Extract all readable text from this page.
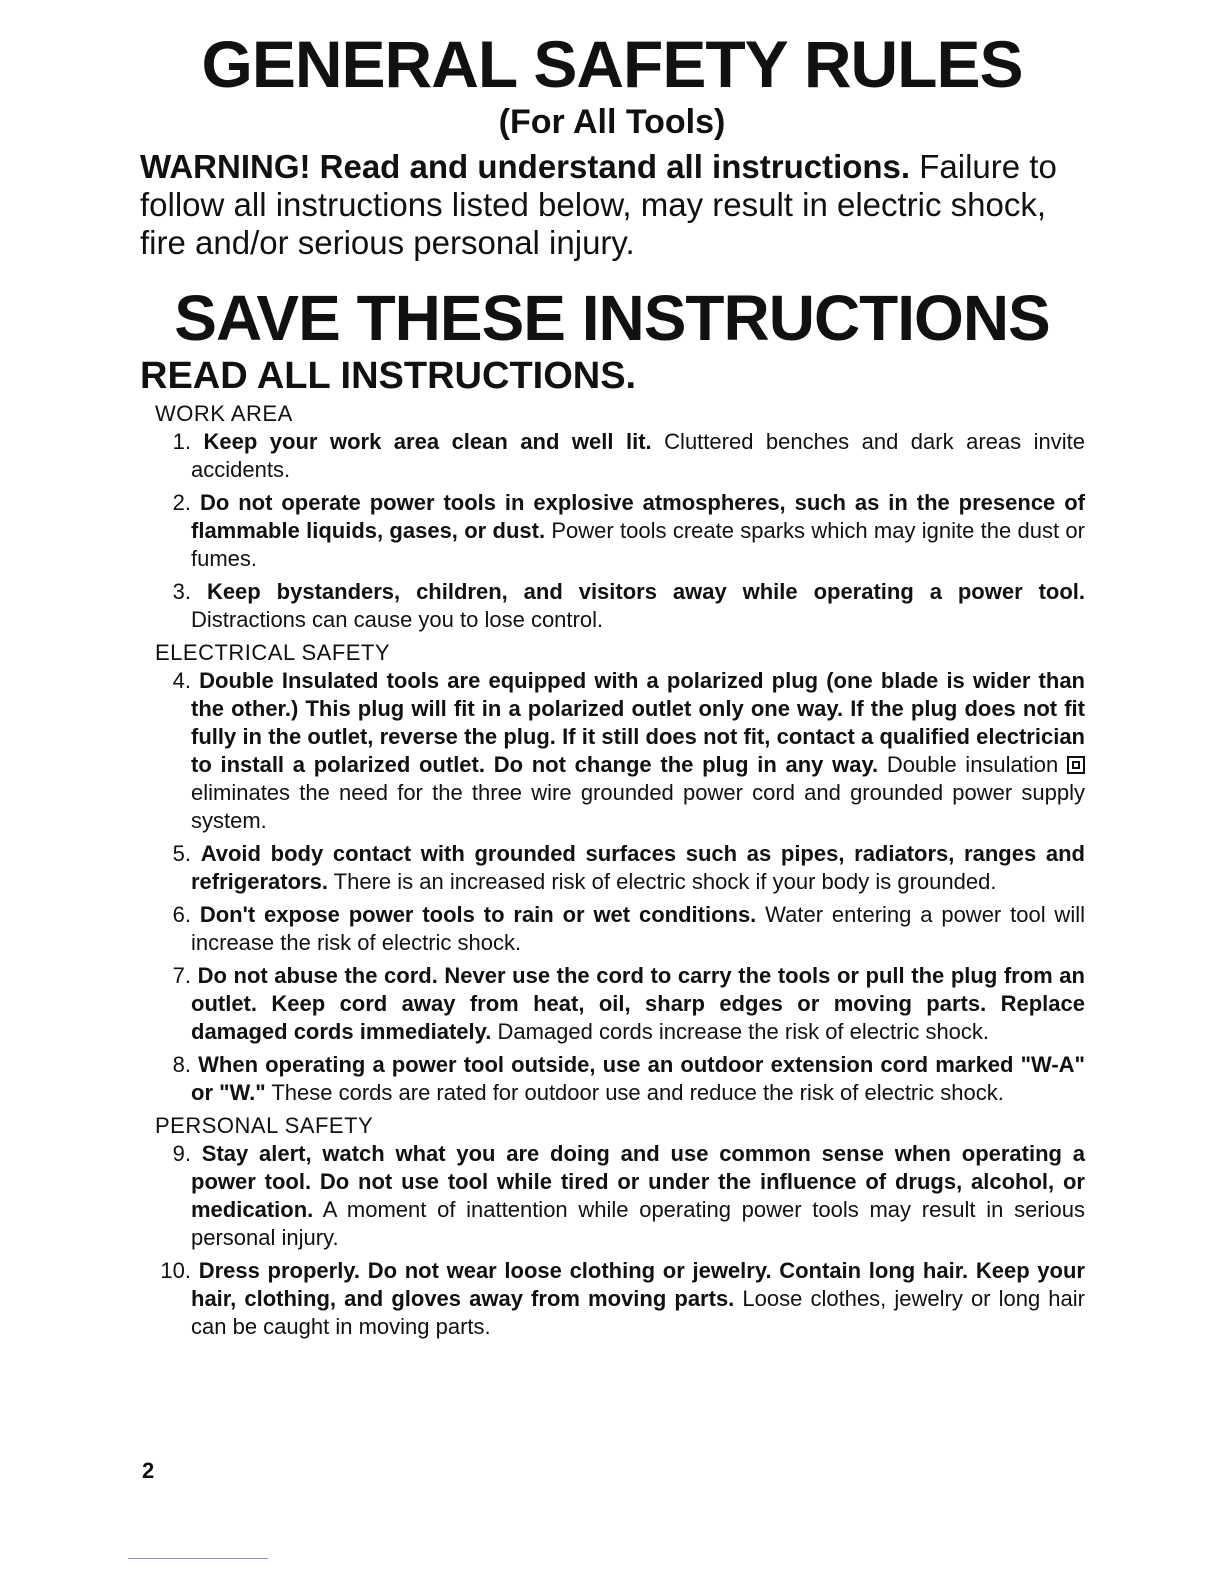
GENERAL SAFETY RULES
(For All Tools)

WARNING! Read and understand all instructions. Failure to follow all instructions listed below, may result in electric shock, fire and/or serious personal injury.

SAVE THESE INSTRUCTIONS
READ ALL INSTRUCTIONS.
WORK AREA
1. Keep your work area clean and well lit. Cluttered benches and dark areas invite accidents.
2. Do not operate power tools in explosive atmospheres, such as in the presence of flammable liquids, gases, or dust. Power tools create sparks which may ignite the dust or fumes.
3. Keep bystanders, children, and visitors away while operating a power tool. Distractions can cause you to lose control.
ELECTRICAL SAFETY
4. Double Insulated tools are equipped with a polarized plug (one blade is wider than the other.) This plug will fit in a polarized outlet only one way. If the plug does not fit fully in the outlet, reverse the plug. If it still does not fit, contact a qualified electrician to install a polarized outlet. Do not change the plug in any way. Double insulation  eliminates the need for the three wire grounded power cord and grounded power supply system.
5. Avoid body contact with grounded surfaces such as pipes, radiators, ranges and refrigerators. There is an increased risk of electric shock if your body is grounded.
6. Don't expose power tools to rain or wet conditions. Water entering a power tool will increase the risk of electric shock.
7. Do not abuse the cord. Never use the cord to carry the tools or pull the plug from an outlet. Keep cord away from heat, oil, sharp edges or moving parts. Replace damaged cords immediately. Damaged cords increase the risk of electric shock.
8. When operating a power tool outside, use an outdoor extension cord marked "W-A" or "W." These cords are rated for outdoor use and reduce the risk of electric shock.
PERSONAL SAFETY
9. Stay alert, watch what you are doing and use common sense when operating a power tool. Do not use tool while tired or under the influence of drugs, alcohol, or medication. A moment of inattention while operating power tools may result in serious personal injury.
10. Dress properly. Do not wear loose clothing or jewelry. Contain long hair. Keep your hair, clothing, and gloves away from moving parts. Loose clothes, jewelry or long hair can be caught in moving parts.
2
